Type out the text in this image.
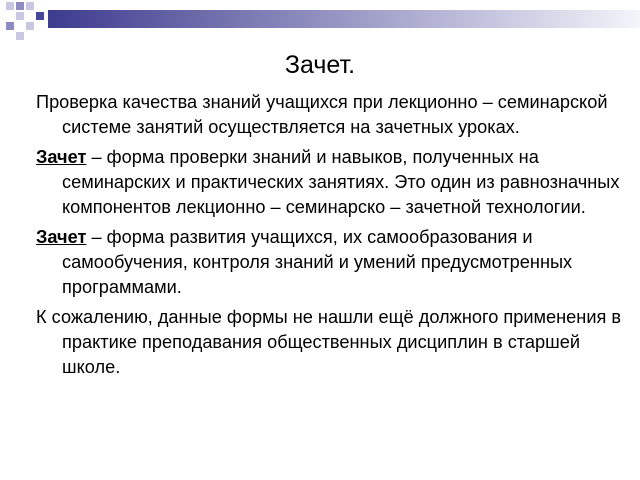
Зачет.

Проверка качества знаний учащихся при лекционно – семинарской системе занятий осуществляется на зачетных уроках.

Зачет – форма проверки знаний и навыков, полученных на семинарских и практических занятиях. Это один из равнозначных компонентов лекционно – семинарско – зачетной технологии.

Зачет – форма развития учащихся, их самообразования и самообучения, контроля знаний и умений предусмотренных программами.

К сожалению, данные формы не нашли ещё должного применения в практике преподавания общественных дисциплин в старшей школе.
